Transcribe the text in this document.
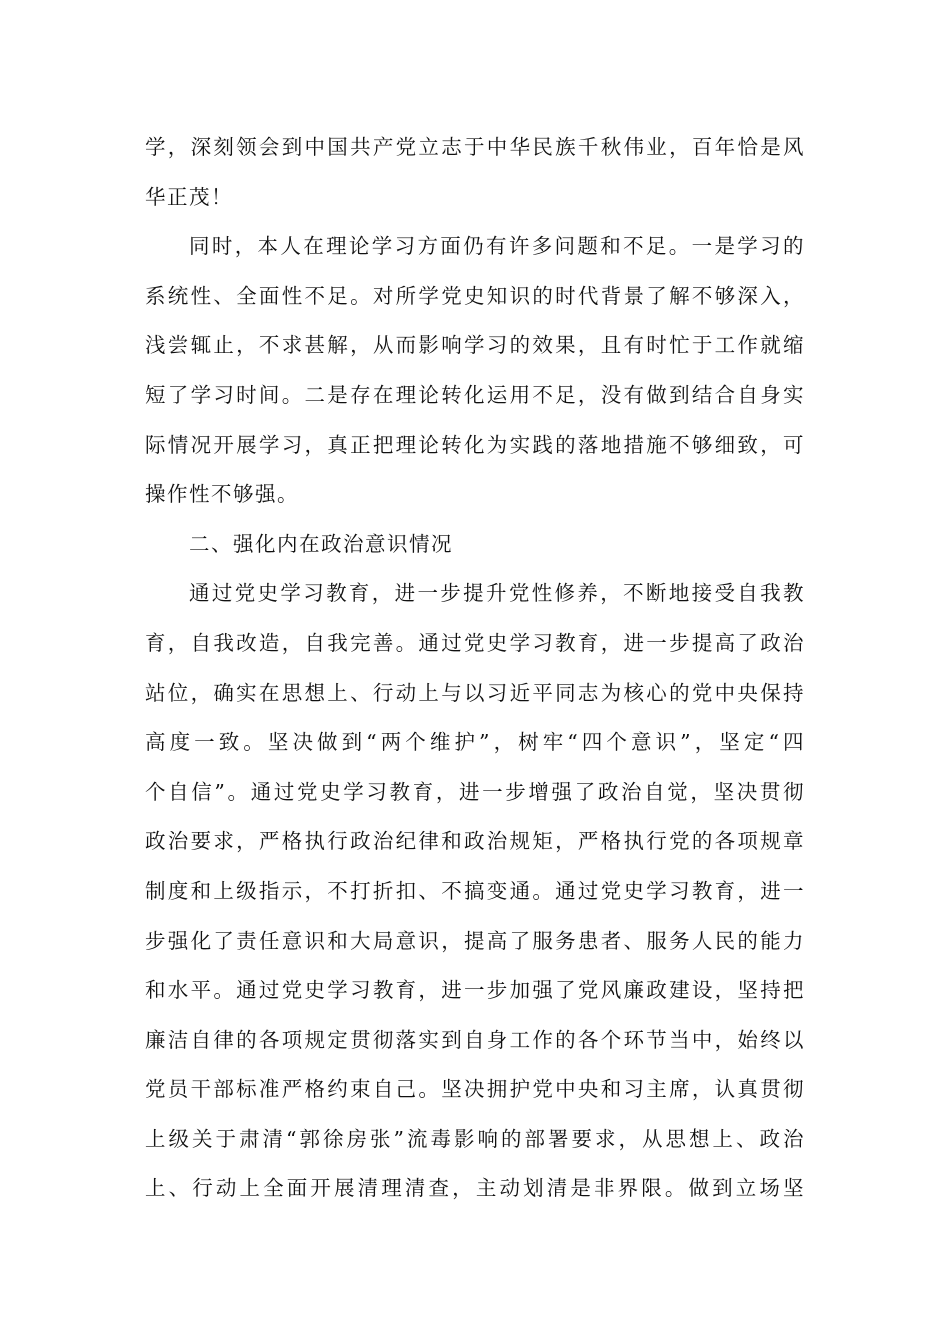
学，深刻领会到中国共产党立志于中华民族千秋伟业，百年恰是风
华正茂！
同时，本人在理论学习方面仍有许多问题和不足。一是学习的
系统性、全面性不足。对所学党史知识的时代背景了解不够深入，
浅尝辄止，不求甚解，从而影响学习的效果，且有时忙于工作就缩
短了学习时间。二是存在理论转化运用不足，没有做到结合自身实
际情况开展学习，真正把理论转化为实践的落地措施不够细致，可
操作性不够强。
二、强化内在政治意识情况
通过党史学习教育，进一步提升党性修养，不断地接受自我教
育，自我改造，自我完善。通过党史学习教育，进一步提高了政治
站位，确实在思想上、行动上与以习近平同志为核心的党中央保持
高度一致。坚决做到“两个维护”，树牢“四个意识”，坚定“四
个自信”。通过党史学习教育，进一步增强了政治自觉，坚决贯彻
政治要求，严格执行政治纪律和政治规矩，严格执行党的各项规章
制度和上级指示，不打折扣、不搞变通。通过党史学习教育，进一
步强化了责任意识和大局意识，提高了服务患者、服务人民的能力
和水平。通过党史学习教育，进一步加强了党风廉政建设，坚持把
廉洁自律的各项规定贯彻落实到自身工作的各个环节当中，始终以
党员干部标准严格约束自己。坚决拥护党中央和习主席，认真贯彻
上级关于肃清“郭徐房张”流毒影响的部署要求，从思想上、政治
上、行动上全面开展清理清查，主动划清是非界限。做到立场坚
